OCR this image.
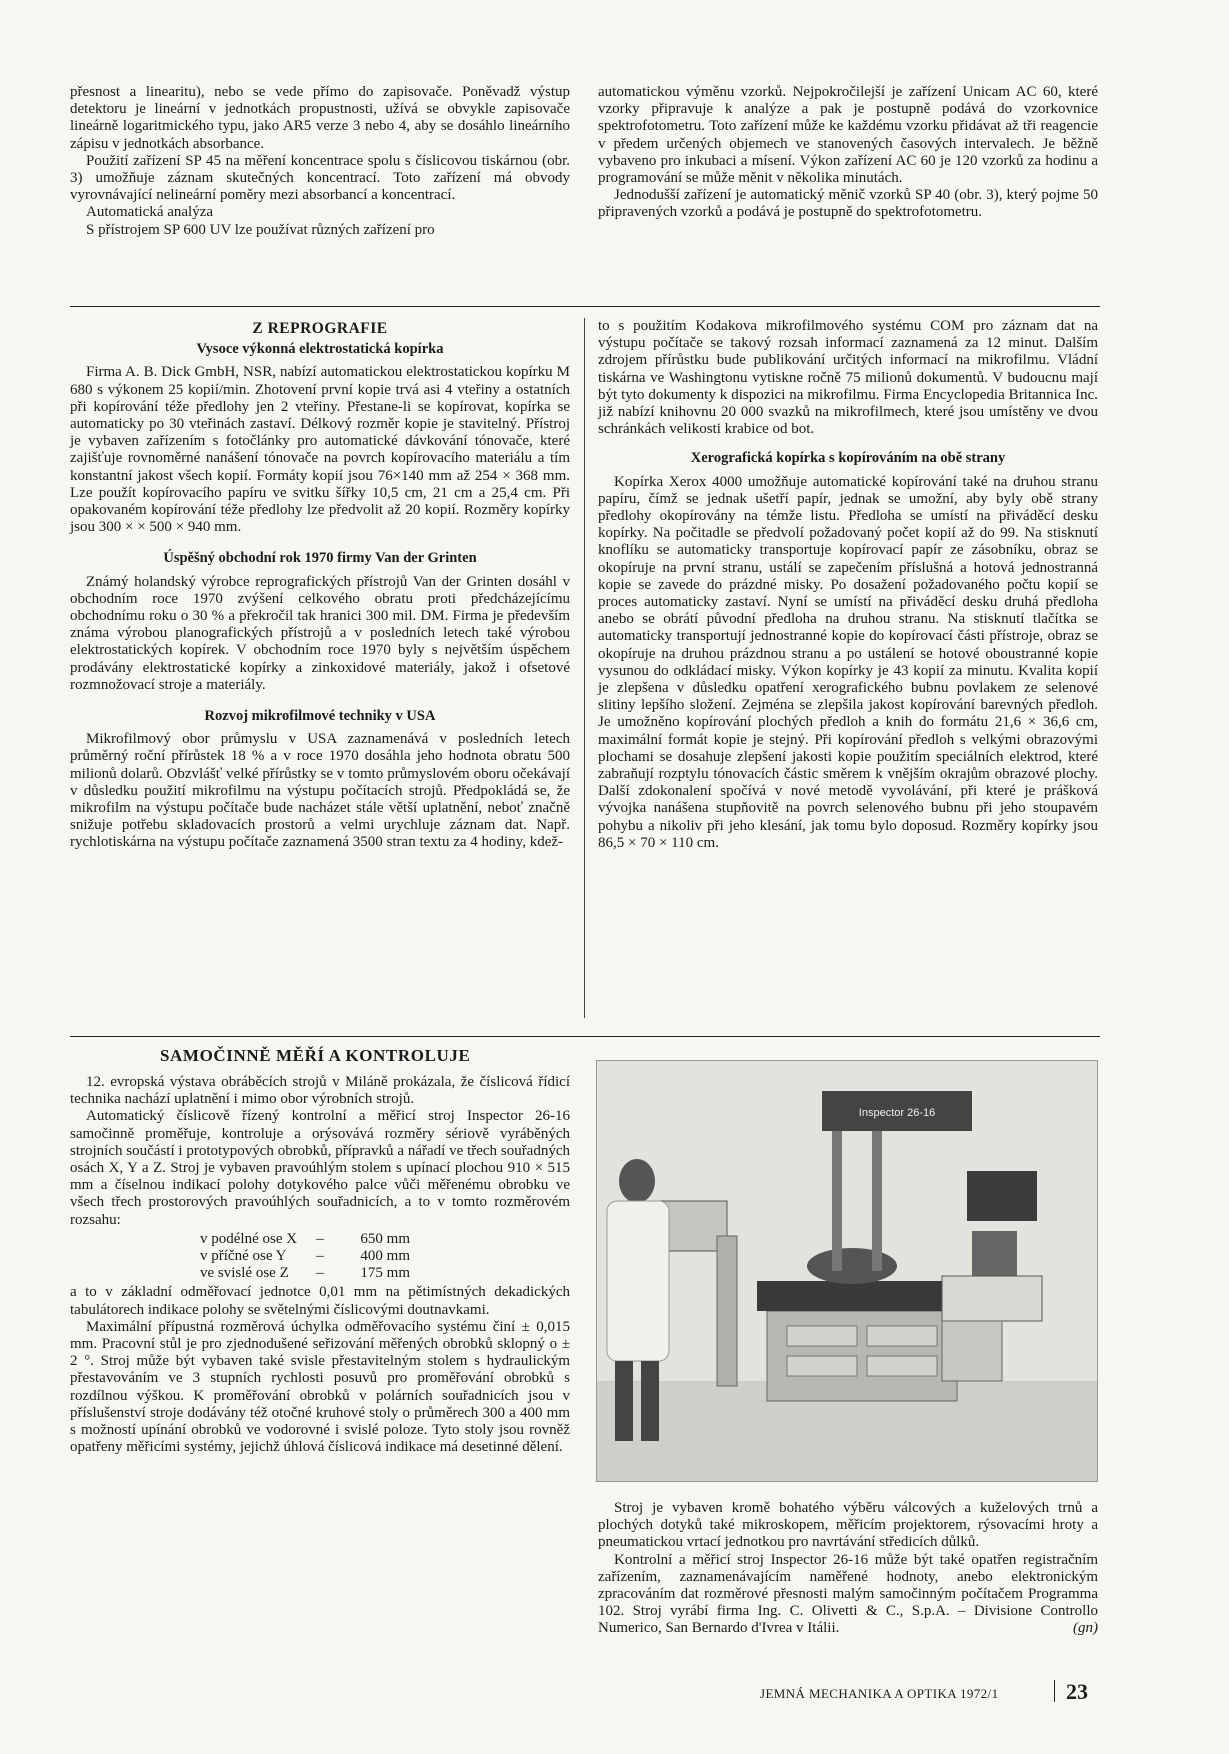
přesnost a linearitu), nebo se vede přímo do zapisovače. Poněvadž výstup detektoru je lineární v jednotkách propustnosti, užívá se obvykle zapisovače lineárně logaritmického typu, jako AR5 verze 3 nebo 4, aby se dosáhlo lineárního zápisu v jednotkách absorbance.

Použití zařízení SP 45 na měření koncentrace spolu s číslicovou tiskárnou (obr. 3) umožňuje záznam skutečných koncentrací. Toto zařízení má obvody vyrovnávající nelineární poměry mezi absorbancí a koncentrací.

Automatická analýza

S přístrojem SP 600 UV lze používat různých zařízení pro

automatickou výměnu vzorků. Nejpokročilejší je zařízení Unicam AC 60, které vzorky připravuje k analýze a pak je postupně podává do vzorkovnice spektrofotometru. Toto zařízení může ke každému vzorku přidávat až tři reagencie v předem určených objemech ve stanovených časových intervalech. Je běžně vybaveno pro inkubaci a mísení. Výkon zařízení AC 60 je 120 vzorků za hodinu a programování se může měnit v několika minutách.

Jednodušší zařízení je automatický měnič vzorků SP 40 (obr. 3), který pojme 50 připravených vzorků a podává je postupně do spektrofotometru.

Z REPROGRAFIE
Vysoce výkonná elektrostatická kopírka

Firma A. B. Dick GmbH, NSR, nabízí automatickou elektrostatickou kopírku M 680 s výkonem 25 kopií/min. Zhotovení první kopie trvá asi 4 vteřiny a ostatních při kopírování téže předlohy jen 2 vteřiny. Přestane-li se kopírovat, kopírka se automaticky po 30 vteřinách zastaví. Délkový rozměr kopie je stavitelný. Přístroj je vybaven zařízením s fotočlánky pro automatické dávkování tónovače, které zajišťuje rovnoměrné nanášení tónovače na povrch kopírovacího materiálu a tím konstantní jakost všech kopií. Formáty kopií jsou 76×140 mm až 254 × 368 mm. Lze použít kopírovacího papíru ve svitku šířky 10,5 cm, 21 cm a 25,4 cm. Při opakovaném kopírování téže předlohy lze předvolit až 20 kopií. Rozměry kopírky jsou 300 × × 500 × 940 mm.

Úspěšný obchodní rok 1970 firmy Van der Grinten

Známý holandský výrobce reprografických přístrojů Van der Grinten dosáhl v obchodním roce 1970 zvýšení celkového obratu proti předcházejícímu obchodnímu roku o 30 % a překročil tak hranici 300 mil. DM. Firma je především známa výrobou planografických přístrojů a v posledních letech také výrobou elektrostatických kopírek. V obchodním roce 1970 byly s největším úspěchem prodávány elektrostatické kopírky a zinkoxidové materiály, jakož i ofsetové rozmnožovací stroje a materiály.

Rozvoj mikrofilmové techniky v USA

Mikrofilmový obor průmyslu v USA zaznamenává v posledních letech průměrný roční přírůstek 18 % a v roce 1970 dosáhla jeho hodnota obratu 500 milionů dolarů. Obzvlášť velké přírůstky se v tomto průmyslovém oboru očekávají v důsledku použití mikrofilmu na výstupu počítacích strojů. Předpokládá se, že mikrofilm na výstupu počítače bude nacházet stále větší uplatnění, neboť značně snižuje potřebu skladovacích prostorů a velmi urychluje záznam dat. Např. rychlotiskárna na výstupu počítače zaznamená 3500 stran textu za 4 hodiny, kdež-

to s použitím Kodakova mikrofilmového systému COM pro záznam dat na výstupu počítače se takový rozsah informací zaznamená za 12 minut. Dalším zdrojem přírůstku bude publikování určitých informací na mikrofilmu. Vládní tiskárna ve Washingtonu vytiskne ročně 75 milionů dokumentů. V budoucnu mají být tyto dokumenty k dispozici na mikrofilmu. Firma Encyclopedia Britannica Inc. již nabízí knihovnu 20 000 svazků na mikrofilmech, které jsou umístěny ve dvou schránkách velikosti krabice od bot.

Xerografická kopírka s kopírováním na obě strany

Kopírka Xerox 4000 umožňuje automatické kopírování také na druhou stranu papíru, čímž se jednak ušetří papír, jednak se umožní, aby byly obě strany předlohy okopírovány na témže listu. Předloha se umístí na přiváděcí desku kopírky. Na počitadle se předvolí požadovaný počet kopií až do 99. Na stisknutí knoflíku se automaticky transportuje kopírovací papír ze zásobníku, obraz se okopíruje na první stranu, ustálí se zapečením příslušná a hotová jednostranná kopie se zavede do prázdné misky. Po dosažení požadovaného počtu kopií se proces automaticky zastaví. Nyní se umístí na přiváděcí desku druhá předloha anebo se obrátí původní předloha na druhou stranu. Na stisknutí tlačítka se automaticky transportují jednostranné kopie do kopírovací části přístroje, obraz se okopíruje na druhou prázdnou stranu a po ustálení se hotové oboustranné kopie vysunou do odkládací misky. Výkon kopírky je 43 kopií za minutu. Kvalita kopií je zlepšena v důsledku opatření xerografického bubnu povlakem ze selenové slitiny lepšího složení. Zejména se zlepšila jakost kopírování barevných předloh. Je umožněno kopírování plochých předloh a knih do formátu 21,6 × 36,6 cm, maximální formát kopie je stejný. Při kopírování předloh s velkými obrazovými plochami se dosahuje zlepšení jakosti kopie použitím speciálních elektrod, které zabraňují rozptylu tónovacích částic směrem k vnějším okrajům obrazové plochy. Další zdokonalení spočívá v nové metodě vyvolávání, při které je prášková vývojka nanášena stupňovitě na povrch selenového bubnu při jeho stoupavém pohybu a nikoliv při jeho klesání, jak tomu bylo doposud. Rozměry kopírky jsou 86,5 × 70 × 110 cm.

SAMOČINNĚ MĚŘÍ A KONTROLUJE

12. evropská výstava obráběcích strojů v Miláně prokázala, že číslicová řídicí technika nachází uplatnění i mimo obor výrobních strojů.

Automatický číslicově řízený kontrolní a měřicí stroj Inspector 26-16 samočinně proměřuje, kontroluje a orýsovává rozměry sériově vyráběných strojních součástí i prototypových obrobků, přípravků a nářadí ve třech souřadných osách X, Y a Z. Stroj je vybaven pravoúhlým stolem s upínací plochou 910 × 515 mm a číselnou indikací polohy dotykového palce vůči měřenému obrobku ve všech třech prostorových pravoúhlých souřadnicích, a to v tomto rozměrovém rozsahu:

v podélné ose X	–	650 mm
v příčné ose Y	–	400 mm
ve svislé ose Z	–	175 mm

a to v základní odměřovací jednotce 0,01 mm na pětimístných dekadických tabulátorech indikace polohy se světelnými číslicovými doutnavkami.

Maximální přípustná rozměrová úchylka odměřovacího systému činí ± 0,015 mm. Pracovní stůl je pro zjednodušené seřizování měřených obrobků sklopný o ± 2 °. Stroj může být vybaven také svisle přestavitelným stolem s hydraulickým přestavováním ve 3 stupních rychlosti posuvů pro proměřování obrobků s rozdílnou výškou. K proměřování obrobků v polárních souřadnicích jsou v příslušenství stroje dodávány též otočné kruhové stoly o průměrech 300 a 400 mm s možností upínání obrobků ve vodorovné i svislé poloze. Tyto stoly jsou rovněž opatřeny měřicími systémy, jejichž úhlová číslicová indikace má desetinné dělení.

Inspector 26-16

Stroj je vybaven kromě bohatého výběru válcových a kuželových trnů a plochých dotyků také mikroskopem, měřicím projektorem, rýsovacími hroty a pneumatickou vrtací jednotkou pro navrtávání středicích důlků.

Kontrolní a měřicí stroj Inspector 26-16 může být také opatřen registračním zařízením, zaznamenávajícím naměřené hodnoty, anebo elektronickým zpracováním dat rozměrové přesnosti malým samočinným počítačem Programma 102. Stroj vyrábí firma Ing. C. Olivetti & C., S.p.A. – Divisione Controllo Numerico, San Bernardo d'Ivrea v Itálii.	(gn)

JEMNÁ MECHANIKA A OPTIKA 1972/1	23
